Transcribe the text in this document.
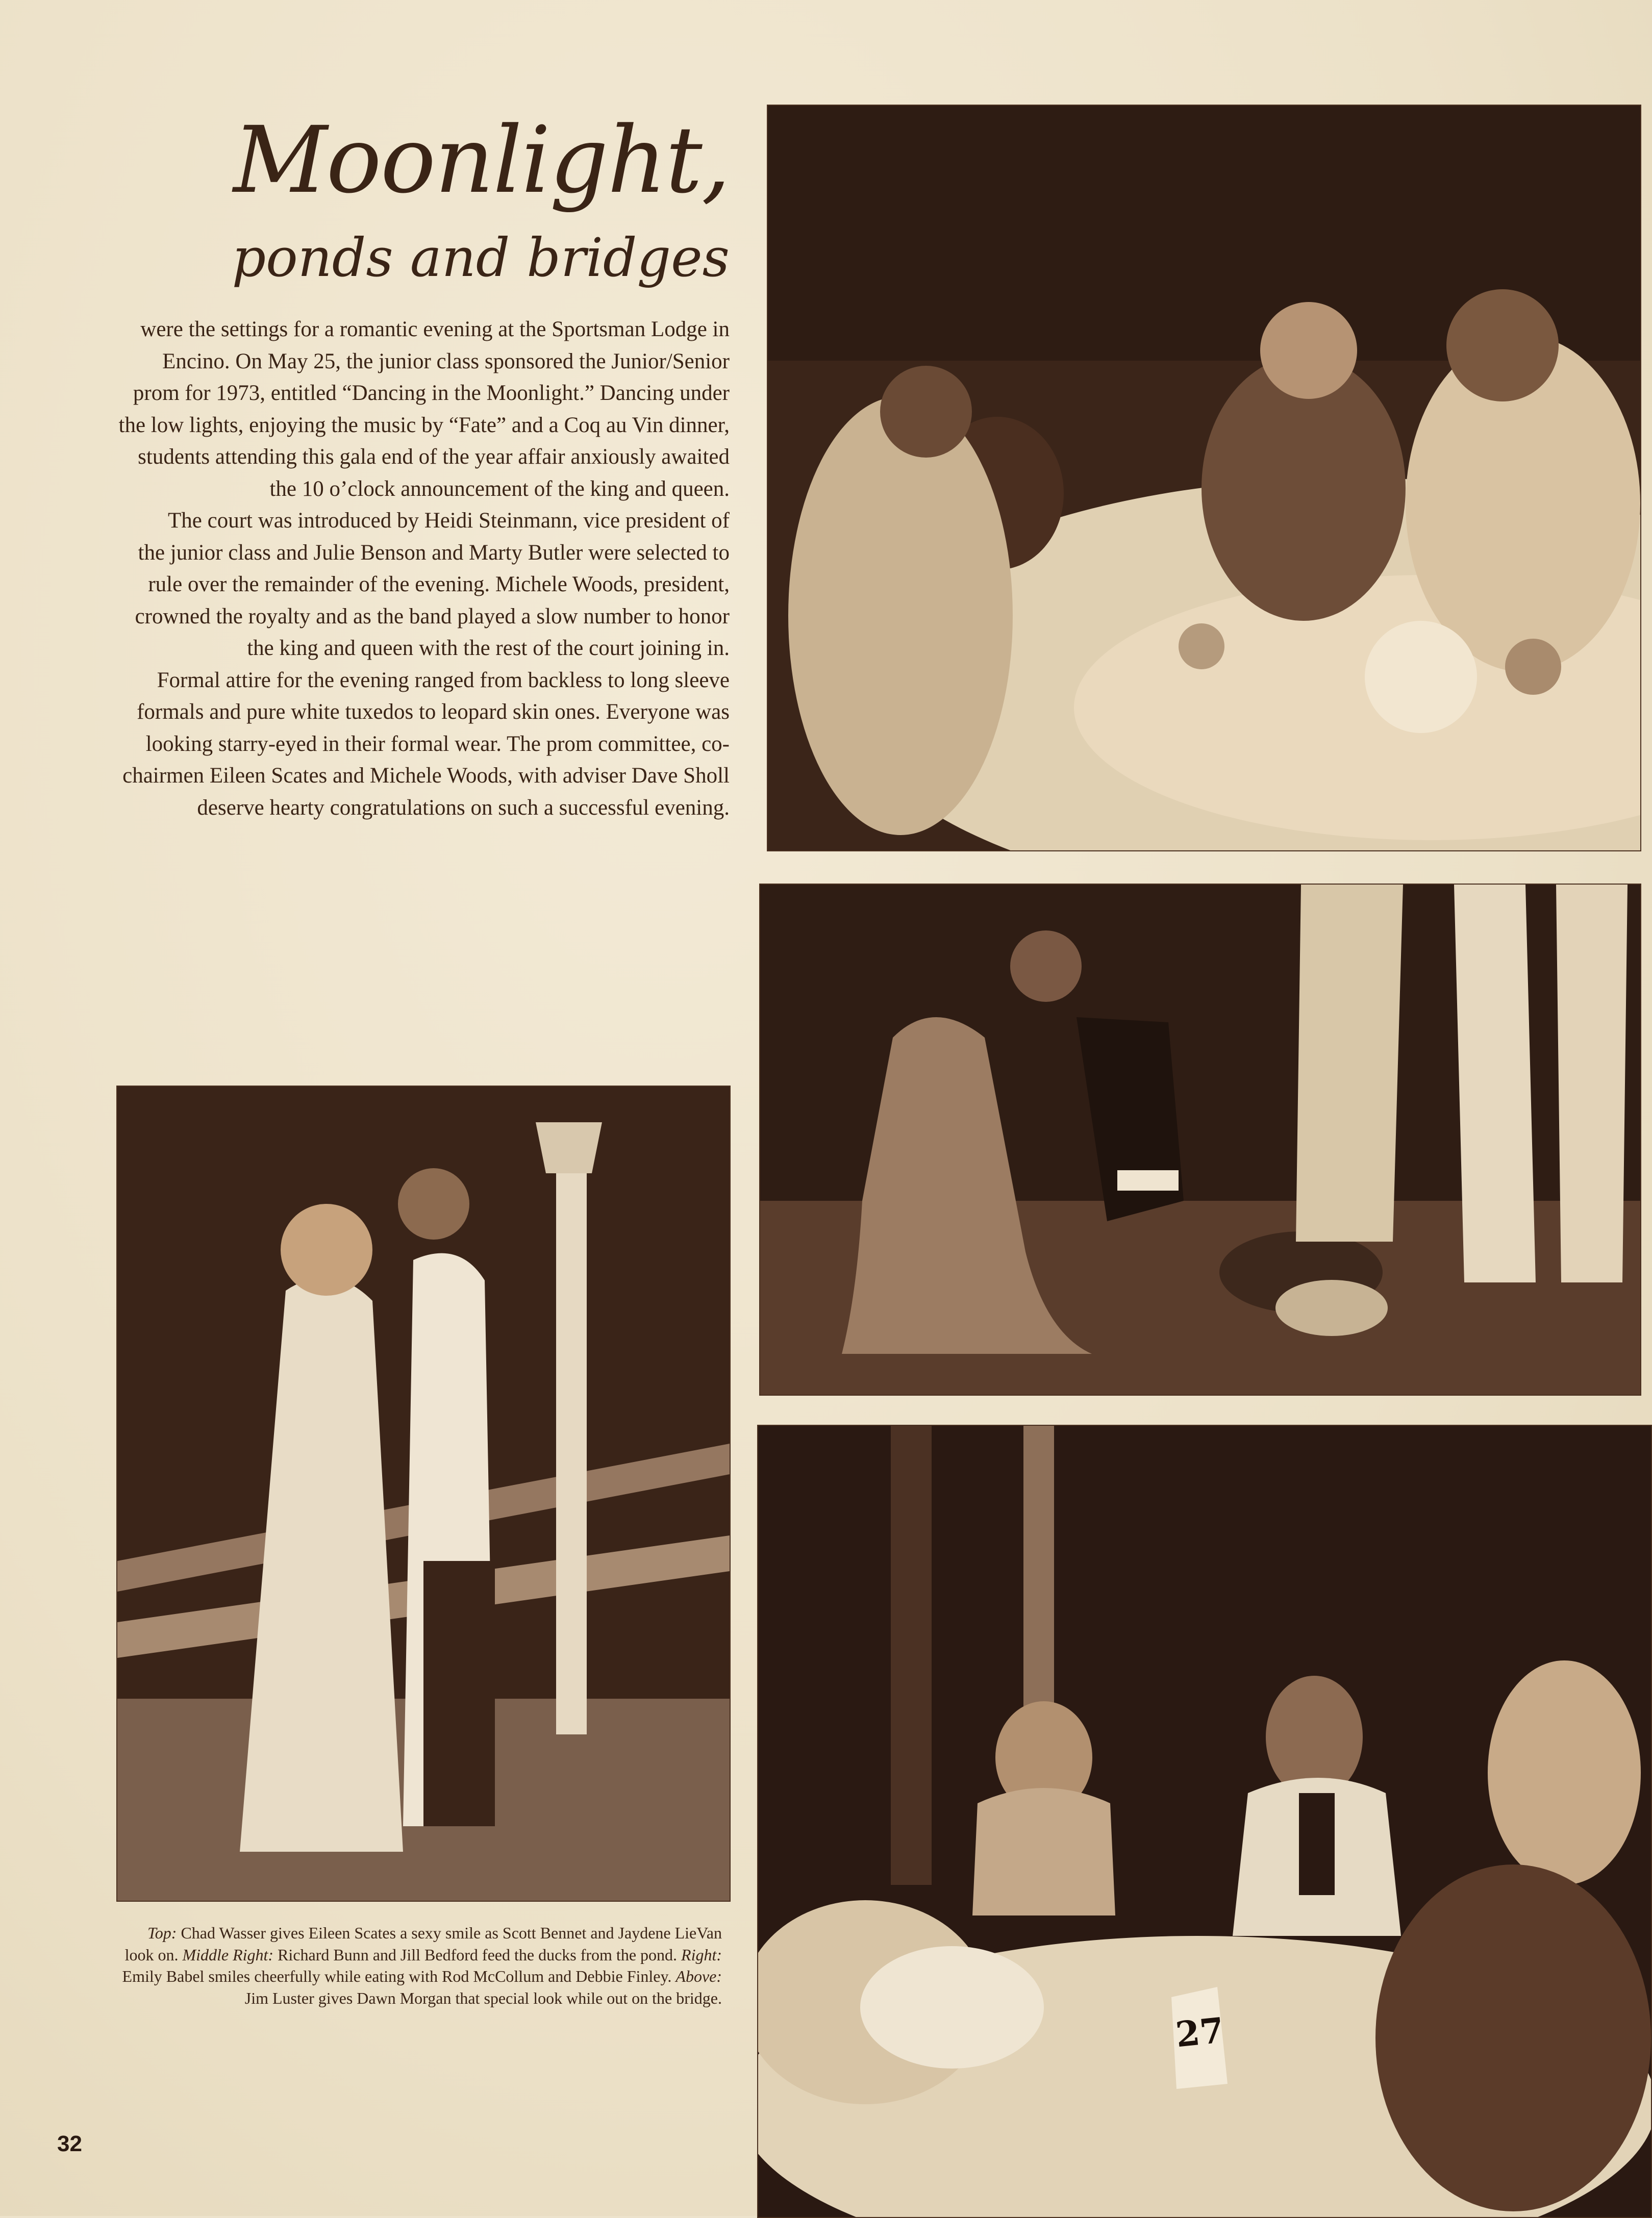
Moonlight,
ponds and bridges

were the settings for a romantic evening at the Sportsman Lodge in Encino. On May 25, the junior class sponsored the Junior/Senior prom for 1973, entitled “Dancing in the Moonlight.” Dancing under the low lights, enjoying the music by “Fate” and a Coq au Vin dinner, students attending this gala end of the year affair anxiously awaited the 10 o’clock announcement of the king and queen.

The court was introduced by Heidi Steinmann, vice president of the junior class and Julie Benson and Marty Butler were selected to rule over the remainder of the evening. Michele Woods, president, crowned the royalty and as the band played a slow number to honor the king and queen with the rest of the court joining in.

Formal attire for the evening ranged from backless to long sleeve formals and pure white tuxedos to leopard skin ones. Everyone was looking starry-eyed in their formal wear. The prom committee, co-chairmen Eileen Scates and Michele Woods, with adviser Dave Sholl deserve hearty congratulations on such a successful evening.

27
Top: Chad Wasser gives Eileen Scates a sexy smile as Scott Bennet and Jaydene LieVan look on. Middle Right: Richard Bunn and Jill Bedford feed the ducks from the pond. Right: Emily Babel smiles cheerfully while eating with Rod McCollum and Debbie Finley. Above: Jim Luster gives Dawn Morgan that special look while out on the bridge.
32
